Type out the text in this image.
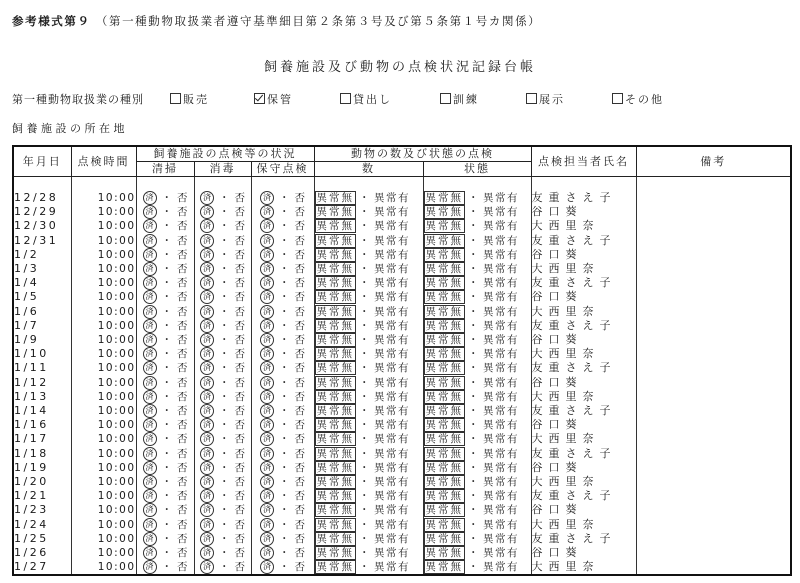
参考様式第９ （第一種動物取扱業者遵守基準細目第２条第３号及び第５条第１号カ関係）
飼養施設及び動物の点検状況記録台帳
第一種動物取扱業の種別	販売	保管	貸出し	訓練	展示	その他
飼養施設の所在地
年月日	点検時間	飼養施設の点検等の状況			動物の数及び状態の点検		点検担当者氏名	備考
		清掃	消毒	保守点検	数	状態		

12/28	10:00	済 ・ 否	済 ・ 否	済 ・ 否	異常無 ・ 異常有	異常無 ・ 異常有	友重さえ子	
12/29	10:00	済 ・ 否	済 ・ 否	済 ・ 否	異常無 ・ 異常有	異常無 ・ 異常有	谷口葵	
12/30	10:00	済 ・ 否	済 ・ 否	済 ・ 否	異常無 ・ 異常有	異常無 ・ 異常有	大西里奈	
12/31	10:00	済 ・ 否	済 ・ 否	済 ・ 否	異常無 ・ 異常有	異常無 ・ 異常有	友重さえ子	
1/2	10:00	済 ・ 否	済 ・ 否	済 ・ 否	異常無 ・ 異常有	異常無 ・ 異常有	谷口葵	
1/3	10:00	済 ・ 否	済 ・ 否	済 ・ 否	異常無 ・ 異常有	異常無 ・ 異常有	大西里奈	
1/4	10:00	済 ・ 否	済 ・ 否	済 ・ 否	異常無 ・ 異常有	異常無 ・ 異常有	友重さえ子	
1/5	10:00	済 ・ 否	済 ・ 否	済 ・ 否	異常無 ・ 異常有	異常無 ・ 異常有	谷口葵	
1/6	10:00	済 ・ 否	済 ・ 否	済 ・ 否	異常無 ・ 異常有	異常無 ・ 異常有	大西里奈	
1/7	10:00	済 ・ 否	済 ・ 否	済 ・ 否	異常無 ・ 異常有	異常無 ・ 異常有	友重さえ子	
1/9	10:00	済 ・ 否	済 ・ 否	済 ・ 否	異常無 ・ 異常有	異常無 ・ 異常有	谷口葵	
1/10	10:00	済 ・ 否	済 ・ 否	済 ・ 否	異常無 ・ 異常有	異常無 ・ 異常有	大西里奈	
1/11	10:00	済 ・ 否	済 ・ 否	済 ・ 否	異常無 ・ 異常有	異常無 ・ 異常有	友重さえ子	
1/12	10:00	済 ・ 否	済 ・ 否	済 ・ 否	異常無 ・ 異常有	異常無 ・ 異常有	谷口葵	
1/13	10:00	済 ・ 否	済 ・ 否	済 ・ 否	異常無 ・ 異常有	異常無 ・ 異常有	大西里奈	
1/14	10:00	済 ・ 否	済 ・ 否	済 ・ 否	異常無 ・ 異常有	異常無 ・ 異常有	友重さえ子	
1/16	10:00	済 ・ 否	済 ・ 否	済 ・ 否	異常無 ・ 異常有	異常無 ・ 異常有	谷口葵	
1/17	10:00	済 ・ 否	済 ・ 否	済 ・ 否	異常無 ・ 異常有	異常無 ・ 異常有	大西里奈	
1/18	10:00	済 ・ 否	済 ・ 否	済 ・ 否	異常無 ・ 異常有	異常無 ・ 異常有	友重さえ子	
1/19	10:00	済 ・ 否	済 ・ 否	済 ・ 否	異常無 ・ 異常有	異常無 ・ 異常有	谷口葵	
1/20	10:00	済 ・ 否	済 ・ 否	済 ・ 否	異常無 ・ 異常有	異常無 ・ 異常有	大西里奈	
1/21	10:00	済 ・ 否	済 ・ 否	済 ・ 否	異常無 ・ 異常有	異常無 ・ 異常有	友重さえ子	
1/23	10:00	済 ・ 否	済 ・ 否	済 ・ 否	異常無 ・ 異常有	異常無 ・ 異常有	谷口葵	
1/24	10:00	済 ・ 否	済 ・ 否	済 ・ 否	異常無 ・ 異常有	異常無 ・ 異常有	大西里奈	
1/25	10:00	済 ・ 否	済 ・ 否	済 ・ 否	異常無 ・ 異常有	異常無 ・ 異常有	友重さえ子	
1/26	10:00	済 ・ 否	済 ・ 否	済 ・ 否	異常無 ・ 異常有	異常無 ・ 異常有	谷口葵	
1/27	10:00	済 ・ 否	済 ・ 否	済 ・ 否	異常無 ・ 異常有	異常無 ・ 異常有	大西里奈	
